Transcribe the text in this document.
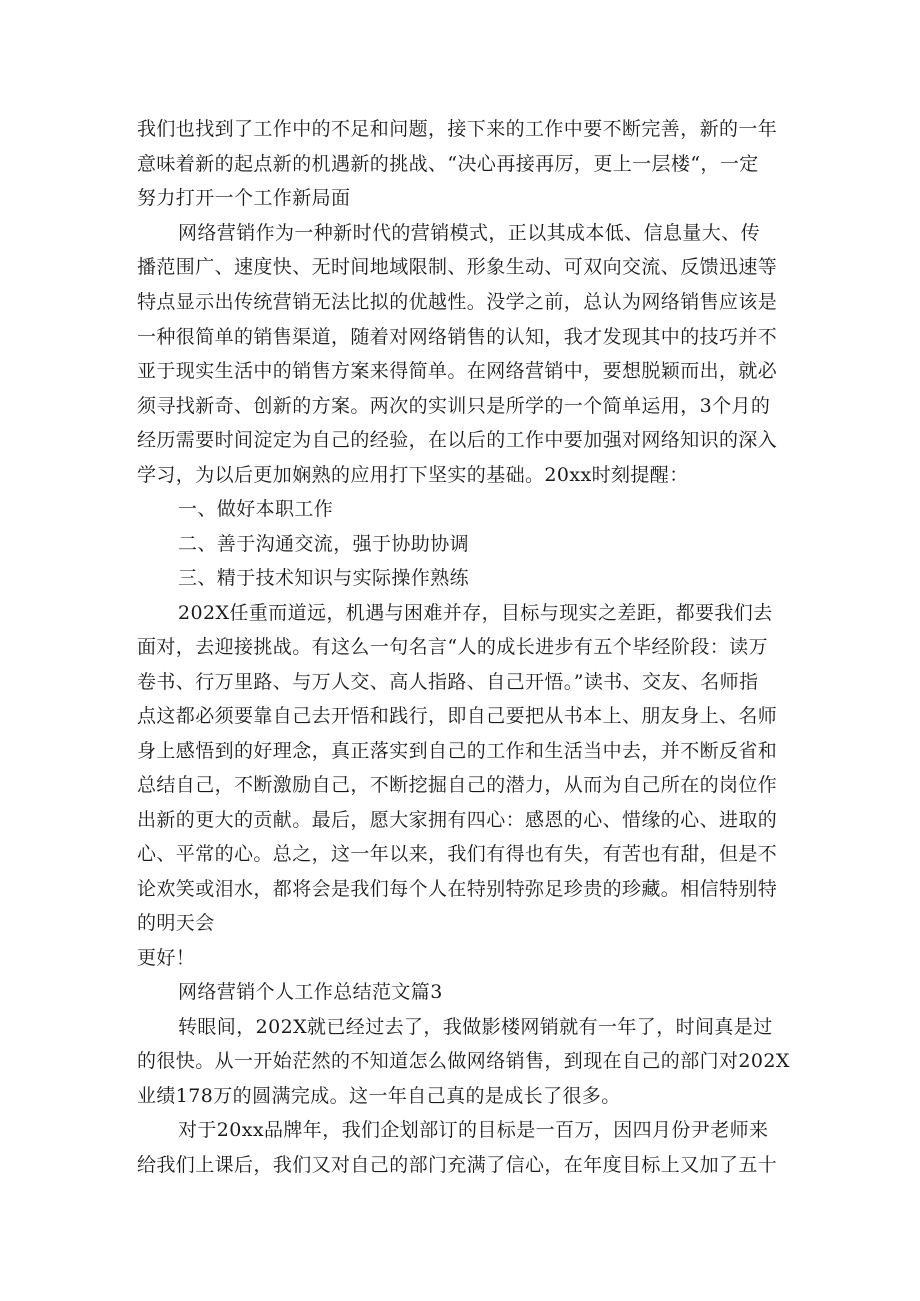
我们也找到了工作中的不足和问题，接下来的工作中要不断完善，新的一年

意味着新的起点新的机遇新的挑战、“决心再接再厉，更上一层楼“，一定

努力打开一个工作新局面

网络营销作为一种新时代的营销模式，正以其成本低、信息量大、传

播范围广、速度快、无时间地域限制、形象生动、可双向交流、反馈迅速等

特点显示出传统营销无法比拟的优越性。没学之前，总认为网络销售应该是

一种很简单的销售渠道，随着对网络销售的认知，我才发现其中的技巧并不

亚于现实生活中的销售方案来得简单。在网络营销中，要想脱颖而出，就必

须寻找新奇、创新的方案。两次的实训只是所学的一个简单运用，3个月的

经历需要时间淀定为自己的经验，在以后的工作中要加强对网络知识的深入

学习，为以后更加娴熟的应用打下坚实的基础。20xx时刻提醒：

一、做好本职工作

二、善于沟通交流，强于协助协调

三、精于技术知识与实际操作熟练

202X任重而道远，机遇与困难并存，目标与现实之差距，都要我们去

面对，去迎接挑战。有这么一句名言“人的成长进步有五个毕经阶段：读万

卷书、行万里路、与万人交、高人指路、自己开悟。”读书、交友、名师指

点这都必须要靠自己去开悟和践行，即自己要把从书本上、朋友身上、名师

身上感悟到的好理念，真正落实到自己的工作和生活当中去，并不断反省和

总结自己，不断激励自己，不断挖掘自己的潜力，从而为自己所在的岗位作

出新的更大的贡献。最后，愿大家拥有四心：感恩的心、惜缘的心、进取的

心、平常的心。总之，这一年以来，我们有得也有失，有苦也有甜，但是不

论欢笑或泪水，都将会是我们每个人在特别特弥足珍贵的珍藏。相信特别特

的明天会

更好！

网络营销个人工作总结范文篇3

转眼间，202X就已经过去了，我做影楼网销就有一年了，时间真是过

的很快。从一开始茫然的不知道怎么做网络销售，到现在自己的部门对202X

业绩178万的圆满完成。这一年自己真的是成长了很多。

对于20xx品牌年，我们企划部订的目标是一百万，因四月份尹老师来

给我们上课后，我们又对自己的部门充满了信心，在年度目标上又加了五十
